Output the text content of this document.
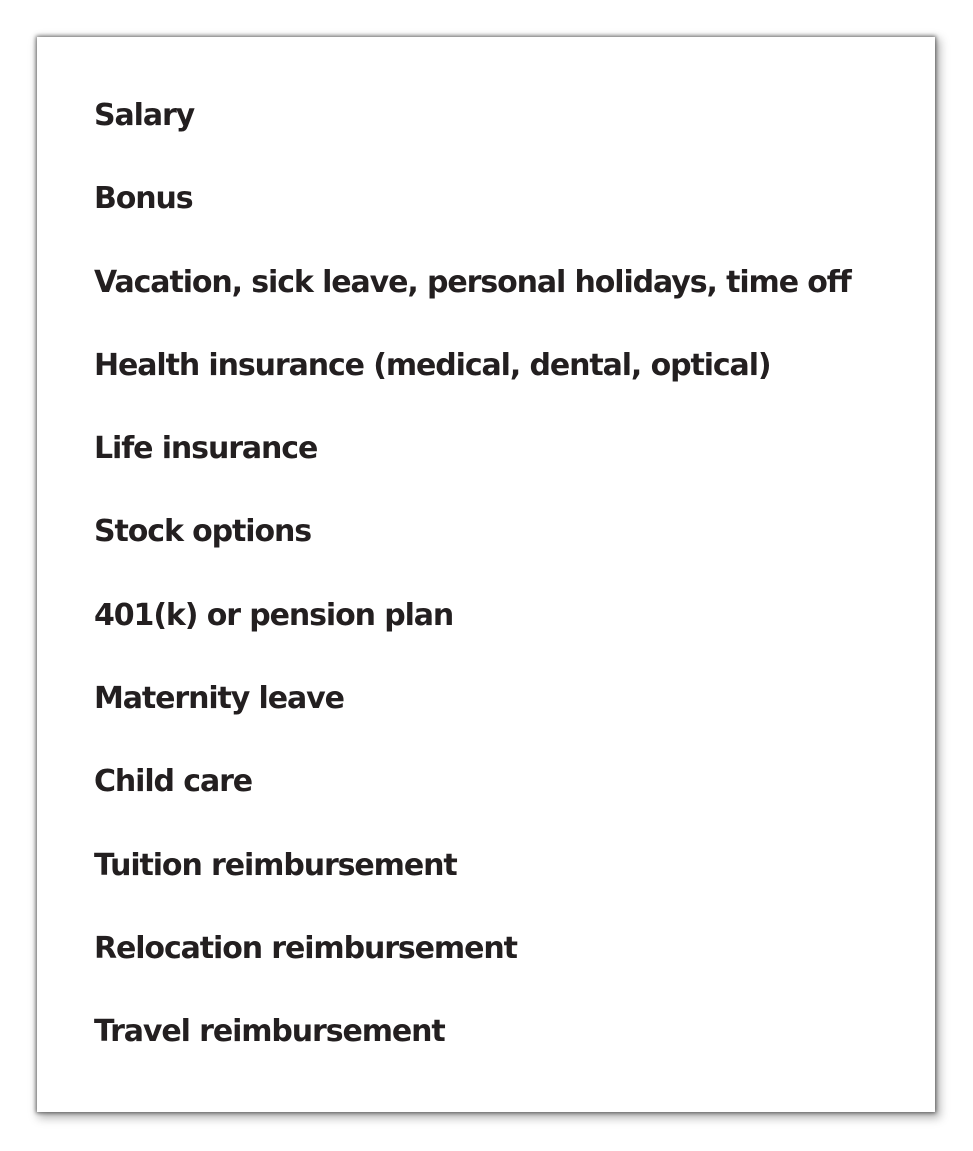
Salary
Bonus
Vacation, sick leave, personal holidays, time off
Health insurance (medical, dental, optical)
Life insurance
Stock options
401(k) or pension plan
Maternity leave
Child care
Tuition reimbursement
Relocation reimbursement
Travel reimbursement
